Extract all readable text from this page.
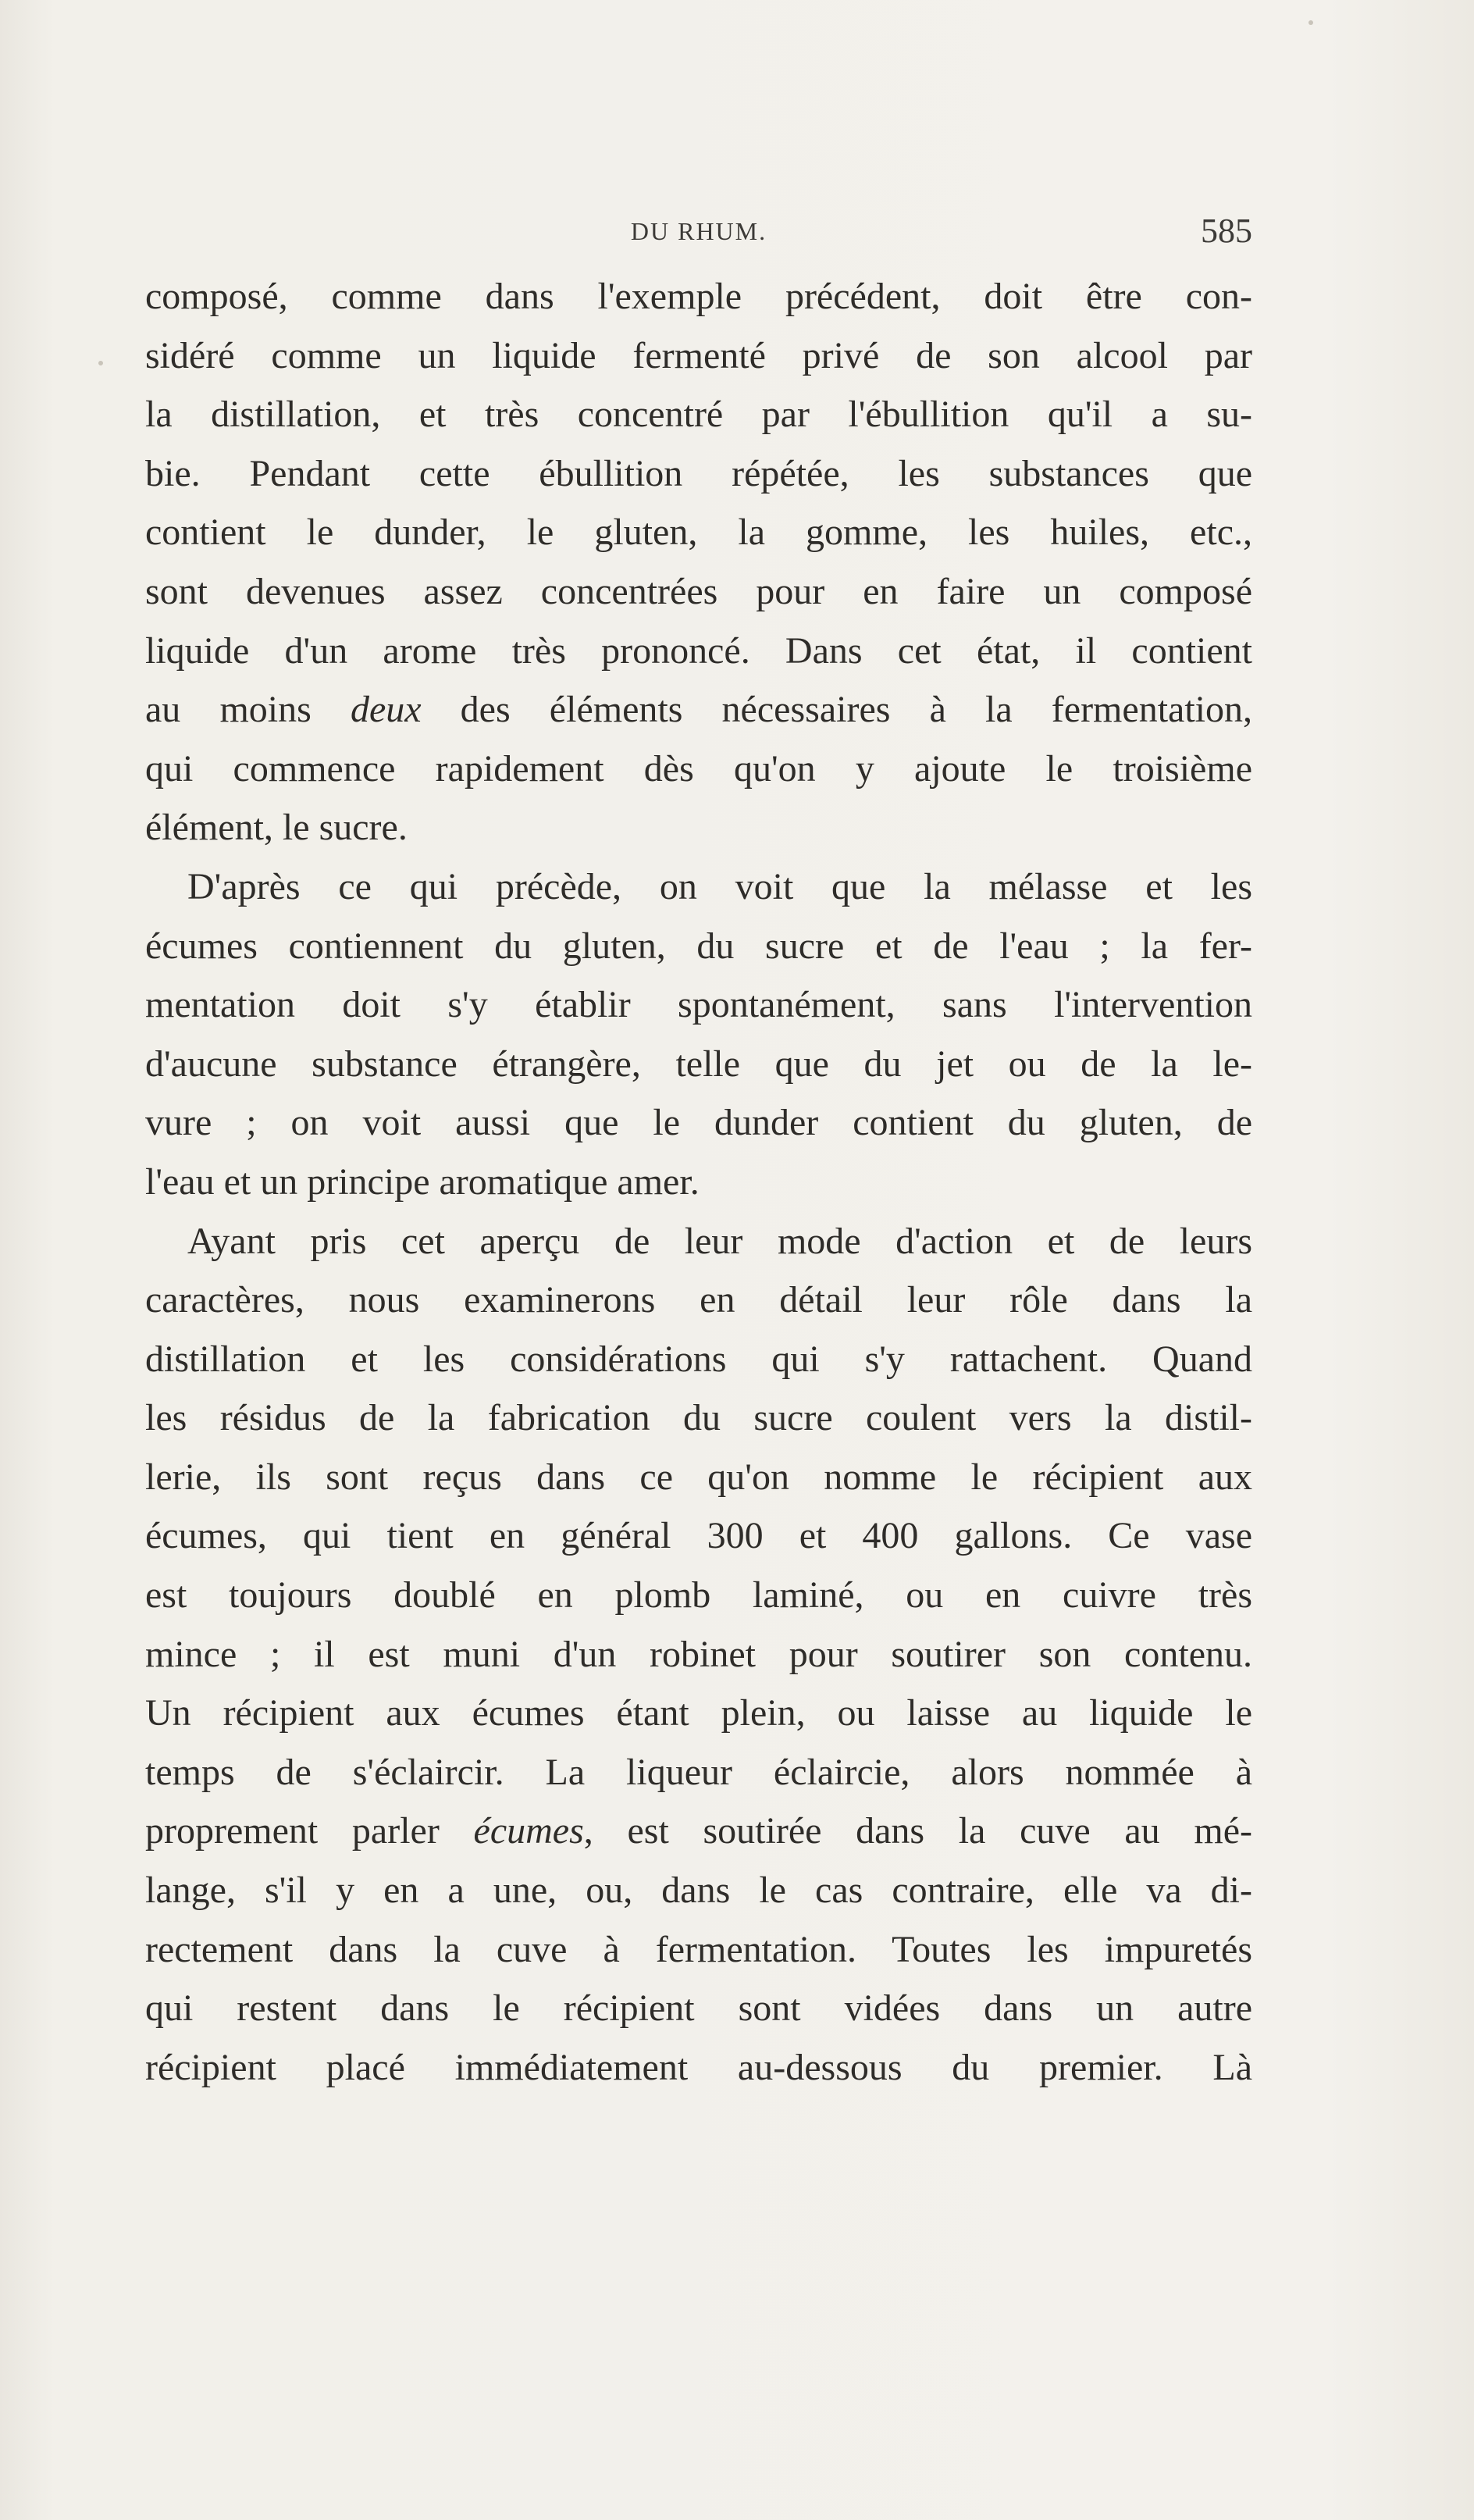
DU RHUM.	585
composé, comme dans l'exemple précédent, doit être con-
sidéré comme un liquide fermenté privé de son alcool par
la distillation, et très concentré par l'ébullition qu'il a su-
bie. Pendant cette ébullition répétée, les substances que
contient le dunder, le gluten, la gomme, les huiles, etc.,
sont devenues assez concentrées pour en faire un composé
liquide d'un arome très prononcé. Dans cet état, il contient
au moins deux des éléments nécessaires à la fermentation,
qui commence rapidement dès qu'on y ajoute le troisième
élément, le sucre.
D'après ce qui précède, on voit que la mélasse et les
écumes contiennent du gluten, du sucre et de l'eau ; la fer-
mentation doit s'y établir spontanément, sans l'intervention
d'aucune substance étrangère, telle que du jet ou de la le-
vure ; on voit aussi que le dunder contient du gluten, de
l'eau et un principe aromatique amer.
Ayant pris cet aperçu de leur mode d'action et de leurs
caractères, nous examinerons en détail leur rôle dans la
distillation et les considérations qui s'y rattachent. Quand
les résidus de la fabrication du sucre coulent vers la distil-
lerie, ils sont reçus dans ce qu'on nomme le récipient aux
écumes, qui tient en général 300 et 400 gallons. Ce vase
est toujours doublé en plomb laminé, ou en cuivre très
mince ; il est muni d'un robinet pour soutirer son contenu.
Un récipient aux écumes étant plein, ou laisse au liquide le
temps de s'éclaircir. La liqueur éclaircie, alors nommée à
proprement parler écumes, est soutirée dans la cuve au mé-
lange, s'il y en a une, ou, dans le cas contraire, elle va di-
rectement dans la cuve à fermentation. Toutes les impuretés
qui restent dans le récipient sont vidées dans un autre
récipient placé immédiatement au-dessous du premier. Là
